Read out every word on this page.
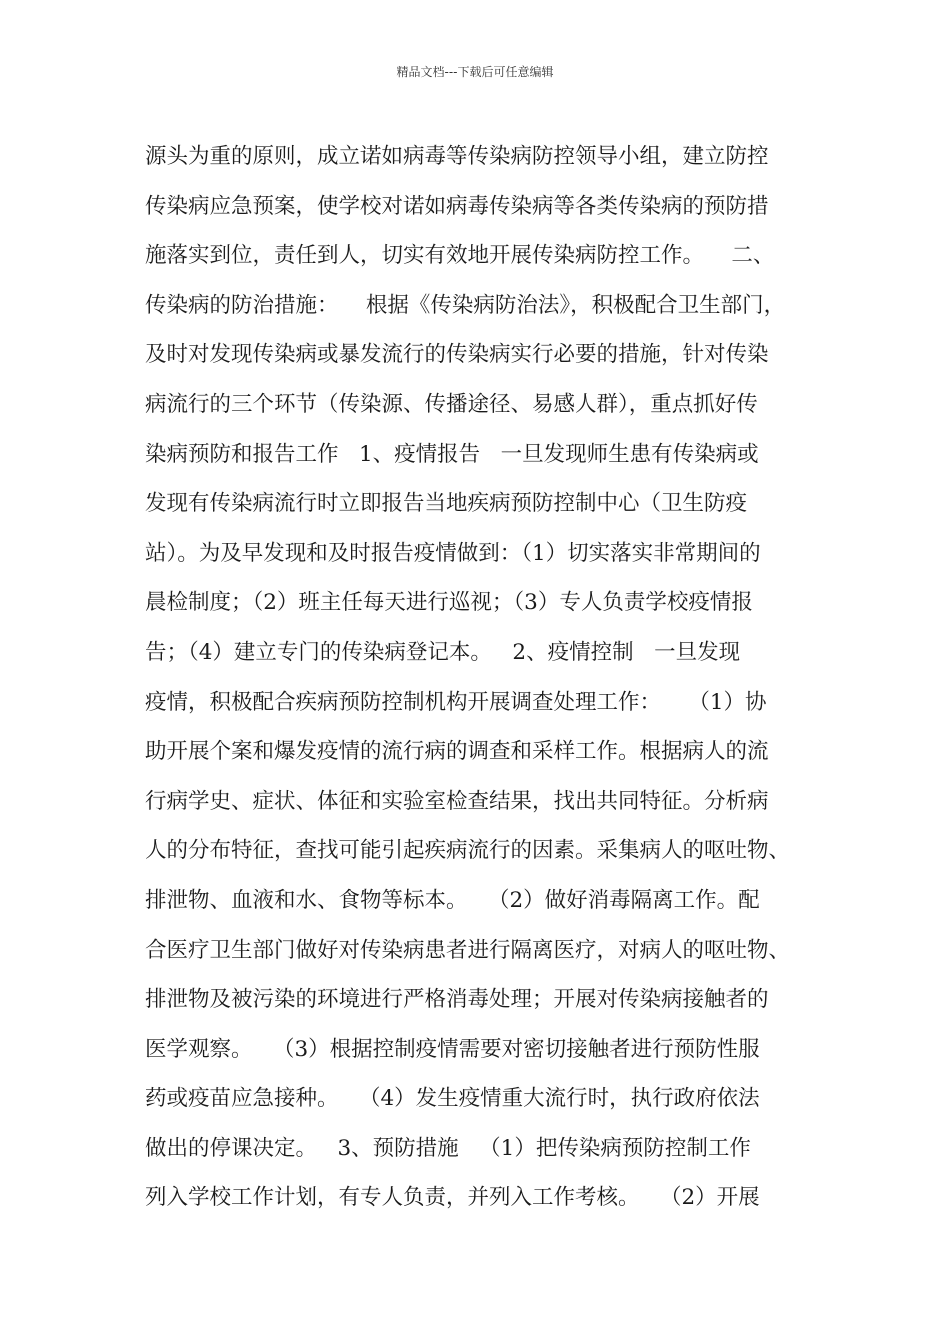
精品文档---下载后可任意编辑
源头为重的原则，成立诺如病毒等传染病防控领导小组，建立防控
传染病应急预案，使学校对诺如病毒传染病等各类传染病的预防措
施落实到位，责任到人，切实有效地开展传染病防控工作。    二、
传染病的防治措施：    根据《传染病防治法》，积极配合卫生部门，
及时对发现传染病或暴发流行的传染病实行必要的措施，针对传染
病流行的三个环节（传染源、传播途径、易感人群），重点抓好传
染病预防和报告工作   1、疫情报告   一旦发现师生患有传染病或
发现有传染病流行时立即报告当地疾病预防控制中心（卫生防疫
站）。为及早发现和及时报告疫情做到：（1）切实落实非常期间的
晨检制度；（2）班主任每天进行巡视；（3）专人负责学校疫情报
告；（4）建立专门的传染病登记本。   2、疫情控制   一旦发现
疫情，积极配合疾病预防控制机构开展调查处理工作：    （1）协
助开展个案和爆发疫情的流行病的调查和采样工作。根据病人的流
行病学史、症状、体征和实验室检查结果，找出共同特征。分析病
人的分布特征，查找可能引起疾病流行的因素。采集病人的呕吐物、
排泄物、血液和水、食物等标本。   （2）做好消毒隔离工作。配
合医疗卫生部门做好对传染病患者进行隔离医疗，对病人的呕吐物、
排泄物及被污染的环境进行严格消毒处理；开展对传染病接触者的
医学观察。   （3）根据控制疫情需要对密切接触者进行预防性服
药或疫苗应急接种。   （4）发生疫情重大流行时，执行政府依法
做出的停课决定。   3、预防措施   （1）把传染病预防控制工作
列入学校工作计划，有专人负责，并列入工作考核。   （2）开展
